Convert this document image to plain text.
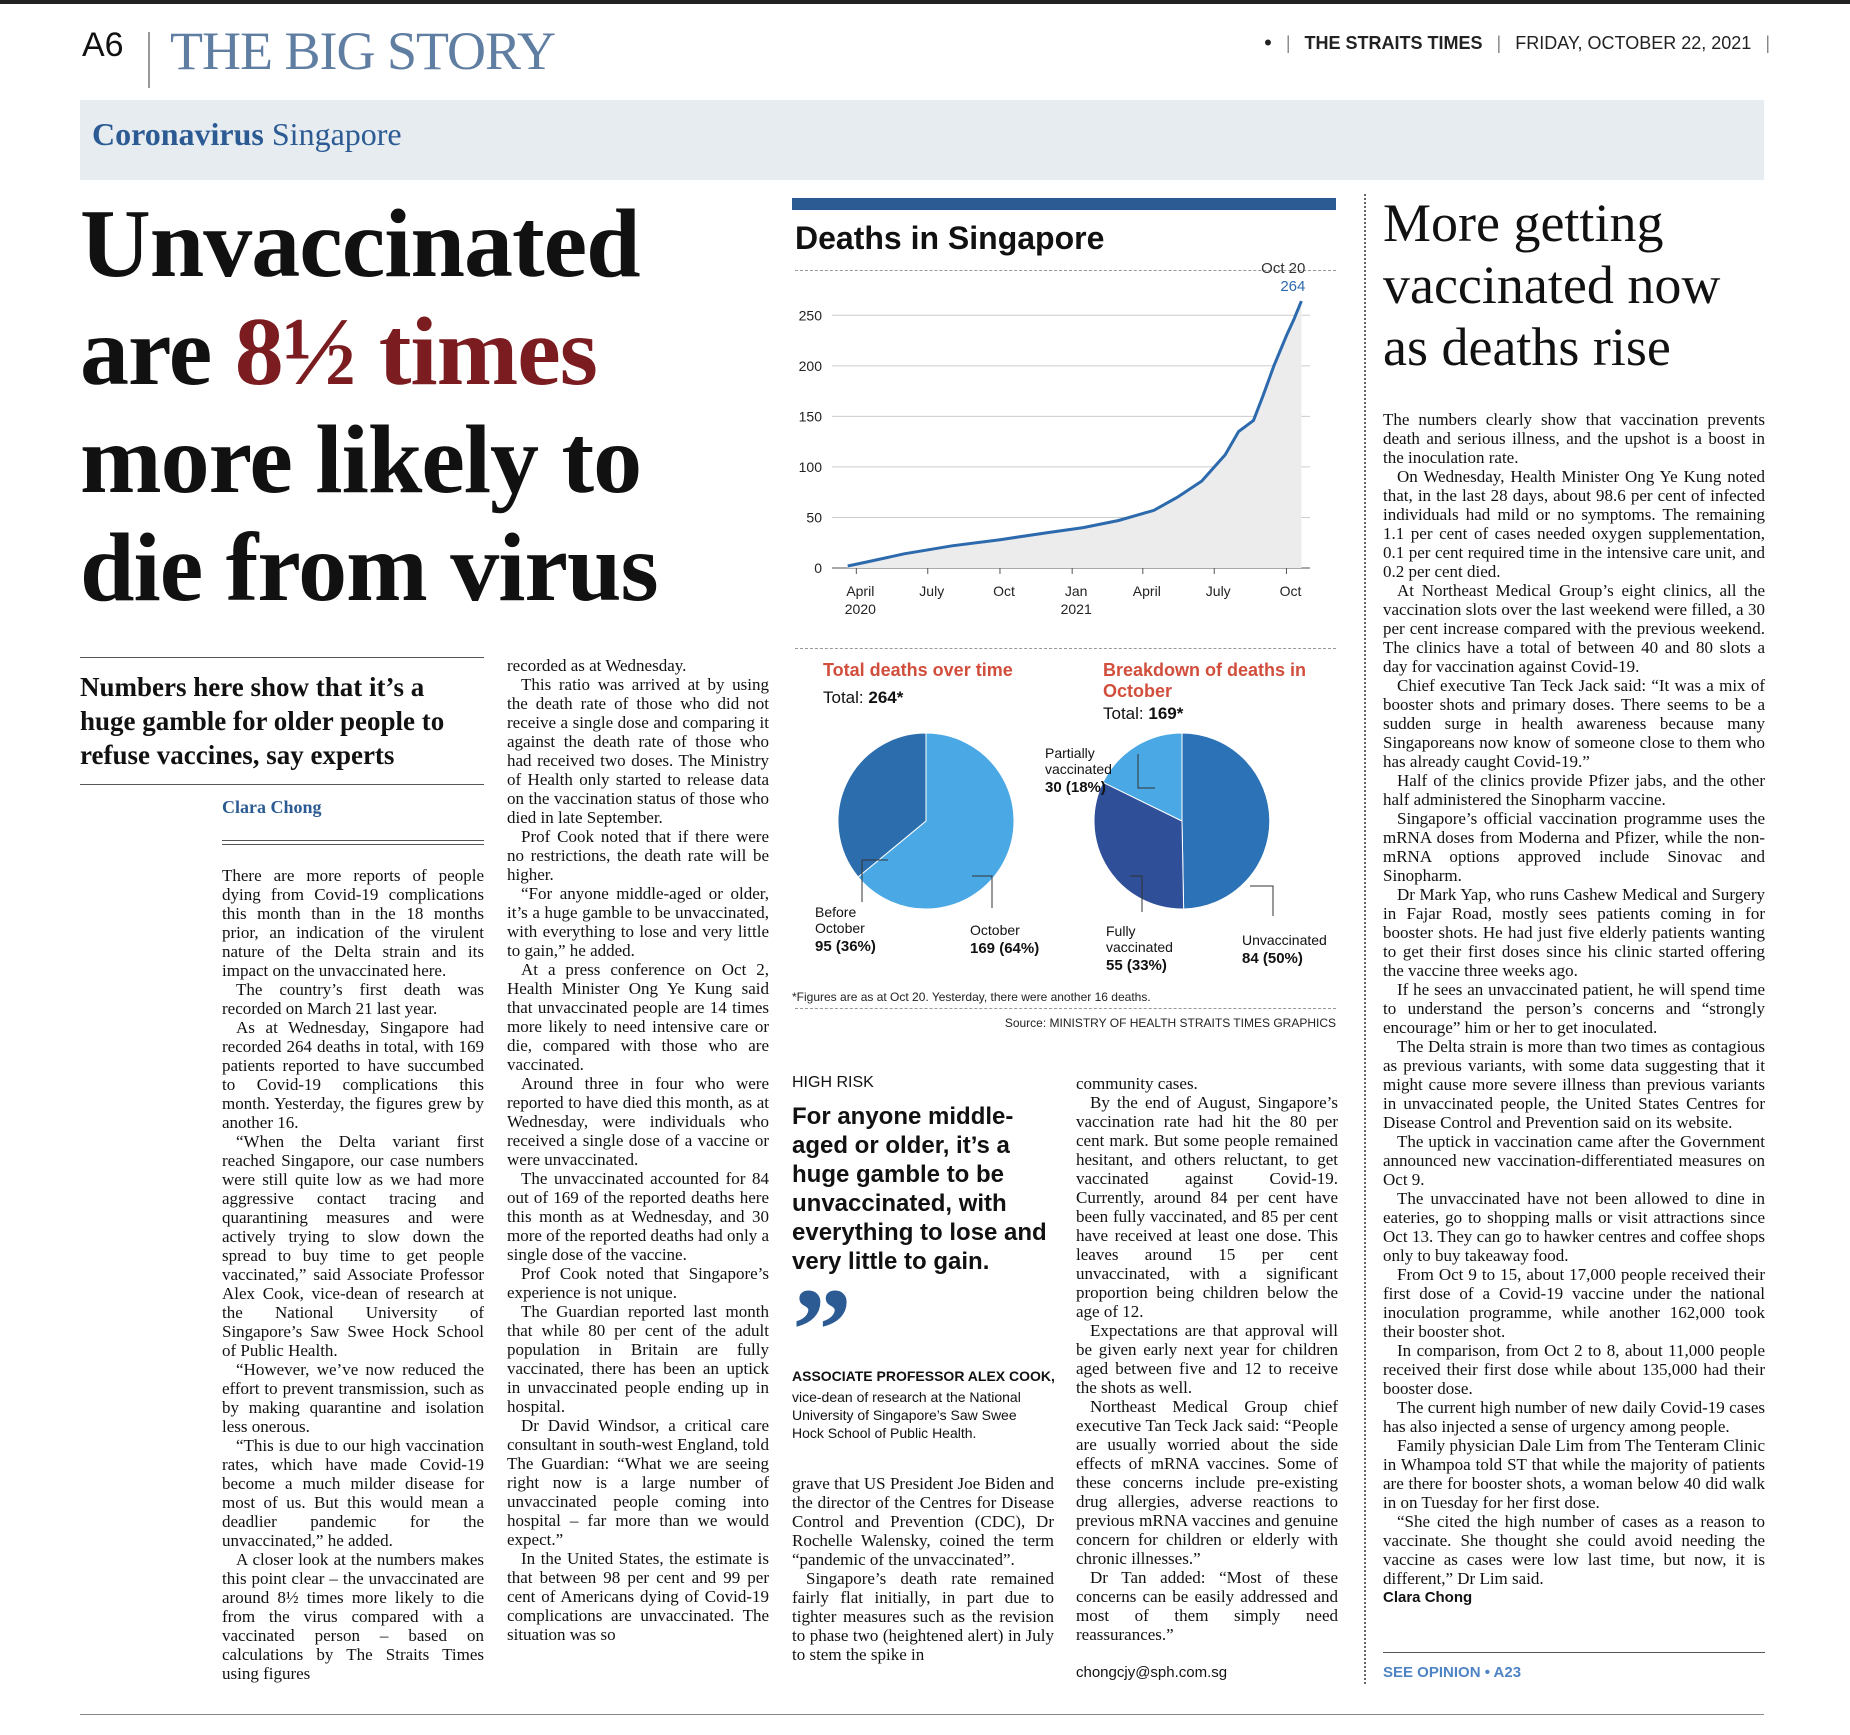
A6 THE BIG STORY	• | THE STRAITS TIMES | FRIDAY, OCTOBER 22, 2021 |
Coronavirus Singapore
Unvaccinated
are 8½ times
more likely to
die from virus
Numbers here show that it’s a huge gamble for older people to refuse vaccines, say experts
Clara Chong

There are more reports of people dying from Covid-19 complications this month than in the 18 months prior, an indication of the virulent nature of the Delta strain and its impact on the unvaccinated here.

The country’s first death was recorded on March 21 last year.

As at Wednesday, Singapore had recorded 264 deaths in total, with 169 patients reported to have succumbed to Covid-19 complications this month. Yesterday, the figures grew by another 16.

“When the Delta variant first reached Singapore, our case numbers were still quite low as we had more aggressive contact tracing and quarantining measures and were actively trying to slow down the spread to buy time to get people vaccinated,” said Associate Professor Alex Cook, vice-dean of research at the National University of Singapore’s Saw Swee Hock School of Public Health.

“However, we’ve now reduced the effort to prevent transmission, such as by making quarantine and isolation less onerous.

“This is due to our high vaccination rates, which have made Covid-19 become a much milder disease for most of us. But this would mean a deadlier pandemic for the unvaccinated,” he added.

A closer look at the numbers makes this point clear – the unvaccinated are around 8½ times more likely to die from the virus compared with a vaccinated person – based on calculations by The Straits Times using figures

recorded as at Wednesday.

This ratio was arrived at by using the death rate of those who did not receive a single dose and comparing it against the death rate of those who had received two doses. The Ministry of Health only started to release data on the vaccination status of those who died in late September.

Prof Cook noted that if there were no restrictions, the death rate will be higher.

“For anyone middle-aged or older, it’s a huge gamble to be unvaccinated, with everything to lose and very little to gain,” he added.

At a press conference on Oct 2, Health Minister Ong Ye Kung said that unvaccinated people are 14 times more likely to need intensive care or die, compared with those who are vaccinated.

Around three in four who were reported to have died this month, as at Wednesday, were individuals who received a single dose of a vaccine or were unvaccinated.

The unvaccinated accounted for 84 out of 169 of the reported deaths here this month as at Wednesday, and 30 more of the reported deaths had only a single dose of the vaccine.

Prof Cook noted that Singapore’s experience is not unique.

The Guardian reported last month that while 80 per cent of the adult population in Britain are fully vaccinated, there has been an uptick in unvaccinated people ending up in hospital.

Dr David Windsor, a critical care consultant in south-west England, told The Guardian: “What we are seeing right now is a large number of unvaccinated people coming into hospital – far more than we would expect.”

In the United States, the estimate is that between 98 per cent and 99 per cent of Americans dying of Covid-19 complications are unvaccinated. The situation was so

grave that US President Joe Biden and the director of the Centres for Disease Control and Prevention (CDC), Dr Rochelle Walensky, coined the term “pandemic of the unvaccinated”.

Singapore’s death rate remained fairly flat initially, in part due to tighter measures such as the revision to phase two (heightened alert) in July to stem the spike in

community cases.

By the end of August, Singapore’s vaccination rate had hit the 80 per cent mark. But some people remained hesitant, and others reluctant, to get vaccinated against Covid-19. Currently, around 84 per cent have been fully vaccinated, and 85 per cent have received at least one dose. This leaves around 15 per cent unvaccinated, with a significant proportion being children below the age of 12.

Expectations are that approval will be given early next year for children aged between five and 12 to receive the shots as well.

Northeast Medical Group chief executive Tan Teck Jack said: “People are usually worried about the side effects of mRNA vaccines. Some of these concerns include pre-existing drug allergies, adverse reactions to previous mRNA vaccines and genuine concern for children or elderly with chronic illnesses.”

Dr Tan added: “Most of these concerns can be easily addressed and most of them simply need reassurances.”

chongcjy@sph.com.sg
Deaths in Singapore
0
50
100
150
200
250
April
2020
July	Oct	Jan
2021
April	July	Oct
Oct 20
264
Total deaths over time
Total: 264*
Breakdown of deaths in October
Total: 169*
Before
October
95 (36%)
October
169 (64%)
Partially
vaccinated
30 (18%)
Fully
vaccinated
55 (33%)
Unvaccinated
84 (50%)
*Figures are as at Oct 20. Yesterday, there were another 16 deaths.
Source: MINISTRY OF HEALTH STRAITS TIMES GRAPHICS
HIGH RISK
For anyone middle-aged or older, it’s a huge gamble to be unvaccinated, with everything to lose and very little to gain.
”
ASSOCIATE PROFESSOR ALEX COOK,
vice-dean of research at the National University of Singapore’s Saw Swee Hock School of Public Health.
More getting vaccinated now as deaths rise

The numbers clearly show that vaccination prevents death and serious illness, and the upshot is a boost in the inoculation rate.

On Wednesday, Health Minister Ong Ye Kung noted that, in the last 28 days, about 98.6 per cent of infected individuals had mild or no symptoms. The remaining 1.1 per cent of cases needed oxygen supplementation, 0.1 per cent required time in the intensive care unit, and 0.2 per cent died.

At Northeast Medical Group’s eight clinics, all the vaccination slots over the last weekend were filled, a 30 per cent increase compared with the previous weekend. The clinics have a total of between 40 and 80 slots a day for vaccination against Covid-19.

Chief executive Tan Teck Jack said: “It was a mix of booster shots and primary doses. There seems to be a sudden surge in health awareness because many Singaporeans now know of someone close to them who has already caught Covid-19.”

Half of the clinics provide Pfizer jabs, and the other half administered the Sinopharm vaccine.

Singapore’s official vaccination programme uses the mRNA doses from Moderna and Pfizer, while the non-mRNA options approved include Sinovac and Sinopharm.

Dr Mark Yap, who runs Cashew Medical and Surgery in Fajar Road, mostly sees patients coming in for booster shots. He had just five elderly patients wanting to get their first doses since his clinic started offering the vaccine three weeks ago.

If he sees an unvaccinated patient, he will spend time to understand the person’s concerns and “strongly encourage” him or her to get inoculated.

The Delta strain is more than two times as contagious as previous variants, with some data suggesting that it might cause more severe illness than previous variants in unvaccinated people, the United States Centres for Disease Control and Prevention said on its website.

The uptick in vaccination came after the Government announced new vaccination-differentiated measures on Oct 9.

The unvaccinated have not been allowed to dine in eateries, go to shopping malls or visit attractions since Oct 13. They can go to hawker centres and coffee shops only to buy takeaway food.

From Oct 9 to 15, about 17,000 people received their first dose of a Covid-19 vaccine under the national inoculation programme, while another 162,000 took their booster shot.

In comparison, from Oct 2 to 8, about 11,000 people received their first dose while about 135,000 had their booster dose.

The current high number of new daily Covid-19 cases has also injected a sense of urgency among people.

Family physician Dale Lim from The Tenteram Clinic in Whampoa told ST that while the majority of patients are there for booster shots, a woman below 40 did walk in on Tuesday for her first dose.

“She cited the high number of cases as a reason to vaccinate. She thought she could avoid needing the vaccine as cases were low last time, but now, it is different,” Dr Lim said.

Clara Chong
SEE OPINION • A23
